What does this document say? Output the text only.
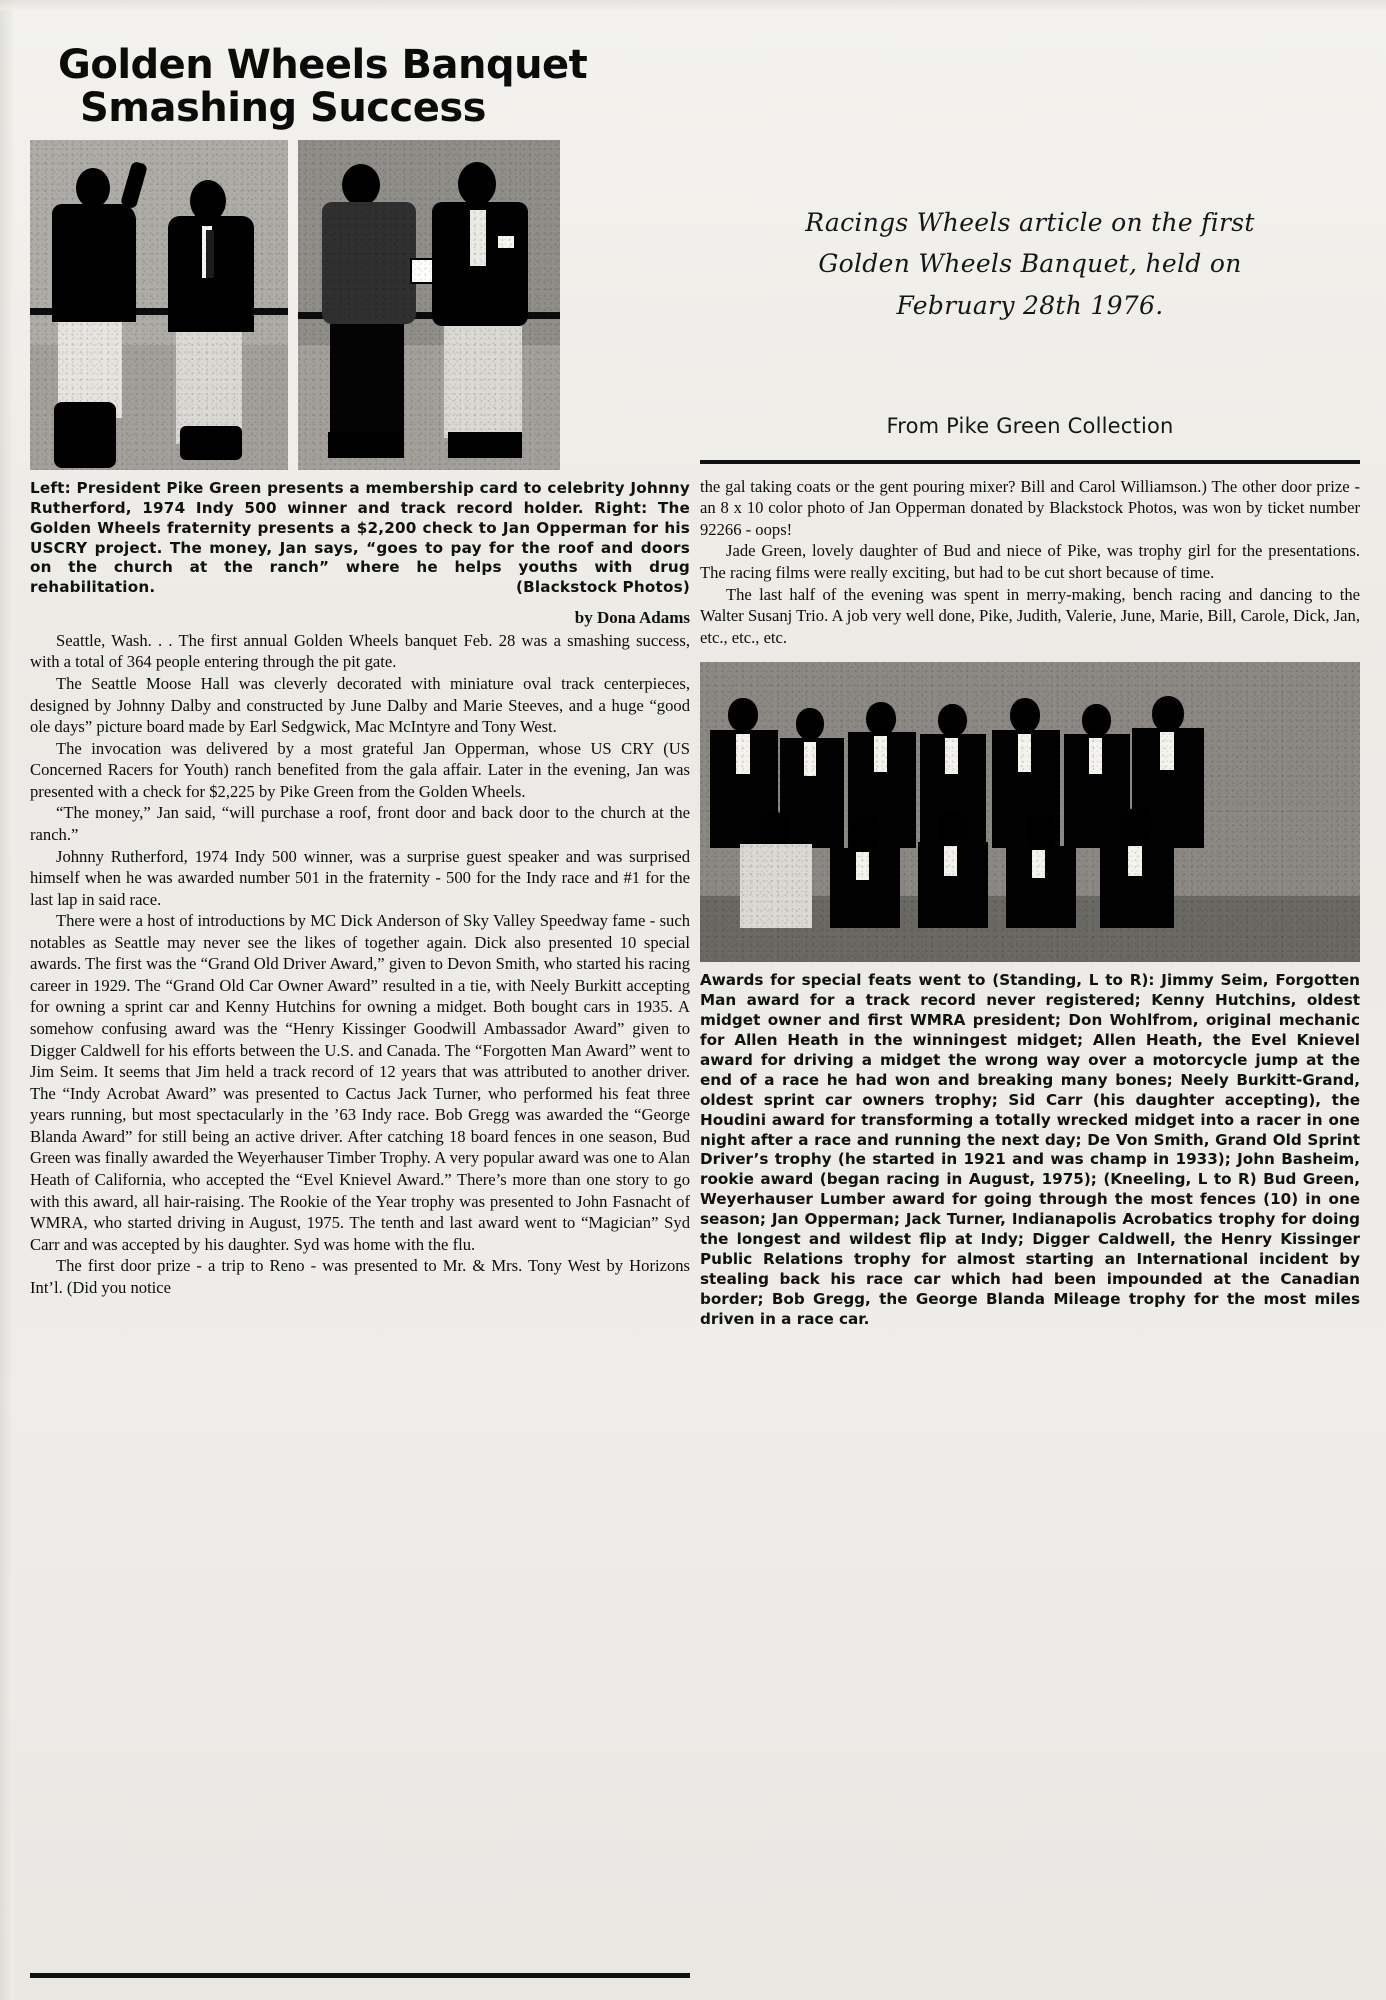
Golden Wheels Banquet
Smashing Success
Left: President Pike Green presents a membership card to celebrity Johnny Rutherford, 1974 Indy 500 winner and track record holder. Right: The Golden Wheels fraternity presents a $2,200 check to Jan Opperman for his USCRY project. The money, Jan says, “goes to pay for the roof and doors on the church at the ranch” where he helps youths with drug rehabilitation.	(Blackstock Photos)
by Dona Adams

Seattle, Wash. . . The first annual Golden Wheels banquet Feb. 28 was a smashing success, with a total of 364 people entering through the pit gate.

The Seattle Moose Hall was cleverly decorated with miniature oval track centerpieces, designed by Johnny Dalby and constructed by June Dalby and Marie Steeves, and a huge “good ole days” picture board made by Earl Sedgwick, Mac McIntyre and Tony West.

The invocation was delivered by a most grateful Jan Opperman, whose US CRY (US Concerned Racers for Youth) ranch benefited from the gala affair. Later in the evening, Jan was presented with a check for $2,225 by Pike Green from the Golden Wheels.

“The money,” Jan said, “will purchase a roof, front door and back door to the church at the ranch.”

Johnny Rutherford, 1974 Indy 500 winner, was a surprise guest speaker and was surprised himself when he was awarded number 501 in the fraternity - 500 for the Indy race and #1 for the last lap in said race.

There were a host of introductions by MC Dick Anderson of Sky Valley Speedway fame - such notables as Seattle may never see the likes of together again. Dick also presented 10 special awards. The first was the “Grand Old Driver Award,” given to Devon Smith, who started his racing career in 1929. The “Grand Old Car Owner Award” resulted in a tie, with Neely Burkitt accepting for owning a sprint car and Kenny Hutchins for owning a midget. Both bought cars in 1935. A somehow confusing award was the “Henry Kissinger Goodwill Ambassador Award” given to Digger Caldwell for his efforts between the U.S. and Canada. The “Forgotten Man Award” went to Jim Seim. It seems that Jim held a track record of 12 years that was attributed to another driver. The “Indy Acrobat Award” was presented to Cactus Jack Turner, who performed his feat three years running, but most spectacularly in the ’63 Indy race. Bob Gregg was awarded the “George Blanda Award” for still being an active driver. After catching 18 board fences in one season, Bud Green was finally awarded the Weyerhauser Timber Trophy. A very popular award was one to Alan Heath of California, who accepted the “Evel Knievel Award.” There’s more than one story to go with this award, all hair-raising. The Rookie of the Year trophy was presented to John Fasnacht of WMRA, who started driving in August, 1975. The tenth and last award went to “Magician” Syd Carr and was accepted by his daughter. Syd was home with the flu.

The first door prize - a trip to Reno - was presented to Mr. & Mrs. Tony West by Horizons Int’l. (Did you notice

Racings Wheels article on the first
Golden Wheels Banquet, held on
February 28th 1976.
From Pike Green Collection

the gal taking coats or the gent pouring mixer? Bill and Carol Williamson.) The other door prize - an 8 x 10 color photo of Jan Opperman donated by Blackstock Photos, was won by ticket number 92266 - oops!

Jade Green, lovely daughter of Bud and niece of Pike, was trophy girl for the presentations. The racing films were really exciting, but had to be cut short because of time.

The last half of the evening was spent in merry-making, bench racing and dancing to the Walter Susanj Trio. A job very well done, Pike, Judith, Valerie, June, Marie, Bill, Carole, Dick, Jan, etc., etc., etc.

Awards for special feats went to (Standing, L to R): Jimmy Seim, Forgotten Man award for a track record never registered; Kenny Hutchins, oldest midget owner and first WMRA president; Don Wohlfrom, original mechanic for Allen Heath in the winningest midget; Allen Heath, the Evel Knievel award for driving a midget the wrong way over a motorcycle jump at the end of a race he had won and breaking many bones; Neely Burkitt-Grand, oldest sprint car owners trophy; Sid Carr (his daughter accepting), the Houdini award for transforming a totally wrecked midget into a racer in one night after a race and running the next day; De Von Smith, Grand Old Sprint Driver’s trophy (he started in 1921 and was champ in 1933); John Basheim, rookie award (began racing in August, 1975); (Kneeling, L to R) Bud Green, Weyerhauser Lumber award for going through the most fences (10) in one season; Jan Opperman; Jack Turner, Indianapolis Acrobatics trophy for doing the longest and wildest flip at Indy; Digger Caldwell, the Henry Kissinger Public Relations trophy for almost starting an International incident by stealing back his race car which had been impounded at the Canadian border; Bob Gregg, the George Blanda Mileage trophy for the most miles driven in a race car.
